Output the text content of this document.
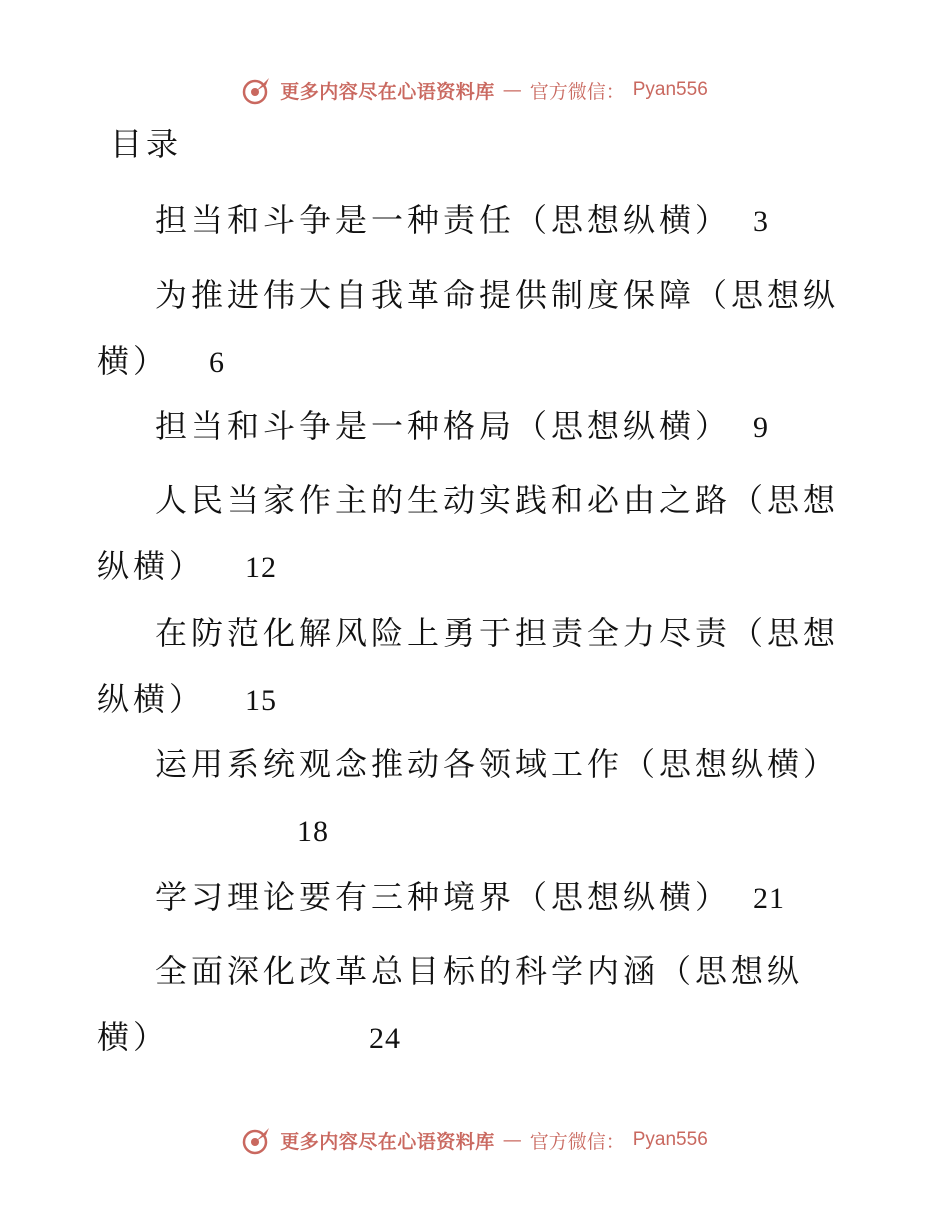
更多内容尽在心语资料库 — 官方微信： Pyan556
目录
担当和斗争是一种责任（思想纵横） 3
为推进伟大自我革命提供制度保障（思想纵横） 6
担当和斗争是一种格局（思想纵横） 9
人民当家作主的生动实践和必由之路（思想纵横） 12
在防范化解风险上勇于担责全力尽责（思想纵横） 15
运用系统观念推动各领域工作（思想纵横）18
学习理论要有三种境界（思想纵横） 21
全面深化改革总目标的科学内涵（思想纵横）	24
更多内容尽在心语资料库 — 官方微信： Pyan556
